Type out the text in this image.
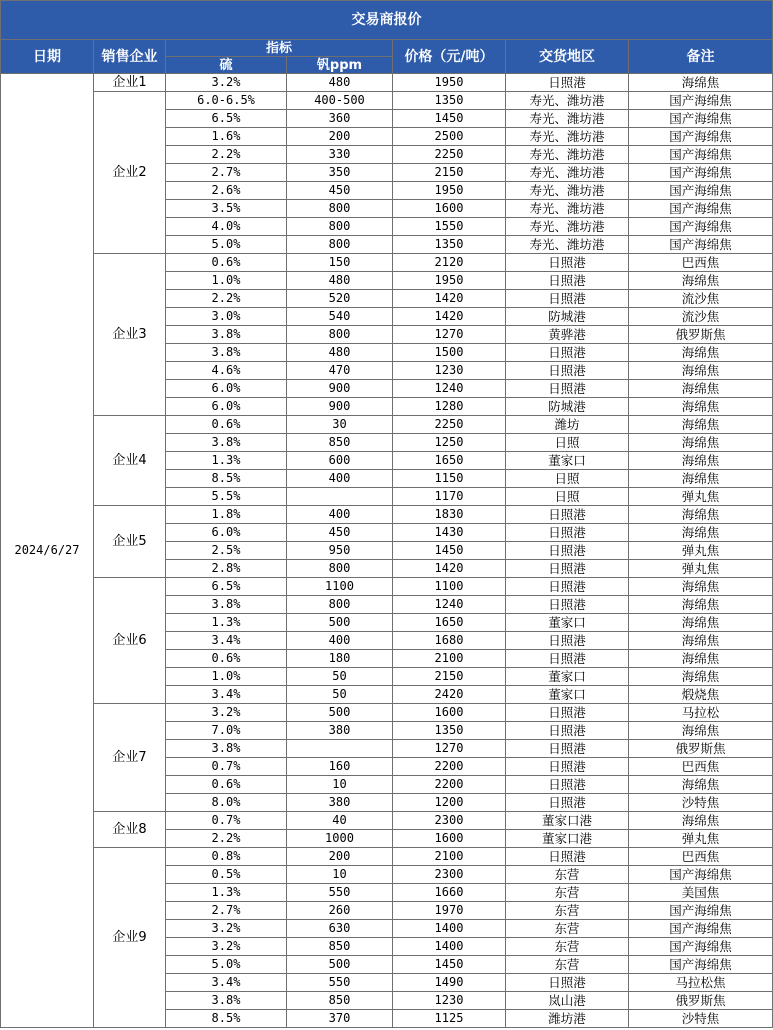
交易商报价						
日期	销售企业	指标		价格（元/吨）	交货地区	备注
		硫	钒ppm			
2024/6/27	企业1	3.2%	480	1950	日照港	海绵焦
	企业2	6.0-6.5%	400-500	1350	寿光、潍坊港	国产海绵焦
		6.5%	360	1450	寿光、潍坊港	国产海绵焦
		1.6%	200	2500	寿光、潍坊港	国产海绵焦
		2.2%	330	2250	寿光、潍坊港	国产海绵焦
		2.7%	350	2150	寿光、潍坊港	国产海绵焦
		2.6%	450	1950	寿光、潍坊港	国产海绵焦
		3.5%	800	1600	寿光、潍坊港	国产海绵焦
		4.0%	800	1550	寿光、潍坊港	国产海绵焦
		5.0%	800	1350	寿光、潍坊港	国产海绵焦
	企业3	0.6%	150	2120	日照港	巴西焦
		1.0%	480	1950	日照港	海绵焦
		2.2%	520	1420	日照港	流沙焦
		3.0%	540	1420	防城港	流沙焦
		3.8%	800	1270	黄骅港	俄罗斯焦
		3.8%	480	1500	日照港	海绵焦
		4.6%	470	1230	日照港	海绵焦
		6.0%	900	1240	日照港	海绵焦
		6.0%	900	1280	防城港	海绵焦
	企业4	0.6%	30	2250	潍坊	海绵焦
		3.8%	850	1250	日照	海绵焦
		1.3%	600	1650	董家口	海绵焦
		8.5%	400	1150	日照	海绵焦
		5.5%		1170	日照	弹丸焦
	企业5	1.8%	400	1830	日照港	海绵焦
		6.0%	450	1430	日照港	海绵焦
		2.5%	950	1450	日照港	弹丸焦
		2.8%	800	1420	日照港	弹丸焦
	企业6	6.5%	1100	1100	日照港	海绵焦
		3.8%	800	1240	日照港	海绵焦
		1.3%	500	1650	董家口	海绵焦
		3.4%	400	1680	日照港	海绵焦
		0.6%	180	2100	日照港	海绵焦
		1.0%	50	2150	董家口	海绵焦
		3.4%	50	2420	董家口	煅烧焦
	企业7	3.2%	500	1600	日照港	马拉松
		7.0%	380	1350	日照港	海绵焦
		3.8%		1270	日照港	俄罗斯焦
		0.7%	160	2200	日照港	巴西焦
		0.6%	10	2200	日照港	海绵焦
		8.0%	380	1200	日照港	沙特焦
	企业8	0.7%	40	2300	董家口港	海绵焦
		2.2%	1000	1600	董家口港	弹丸焦
	企业9	0.8%	200	2100	日照港	巴西焦
		0.5%	10	2300	东营	国产海绵焦
		1.3%	550	1660	东营	美国焦
		2.7%	260	1970	东营	国产海绵焦
		3.2%	630	1400	东营	国产海绵焦
		3.2%	850	1400	东营	国产海绵焦
		5.0%	500	1450	东营	国产海绵焦
		3.4%	550	1490	日照港	马拉松焦
		3.8%	850	1230	岚山港	俄罗斯焦
		8.5%	370	1125	潍坊港	沙特焦
